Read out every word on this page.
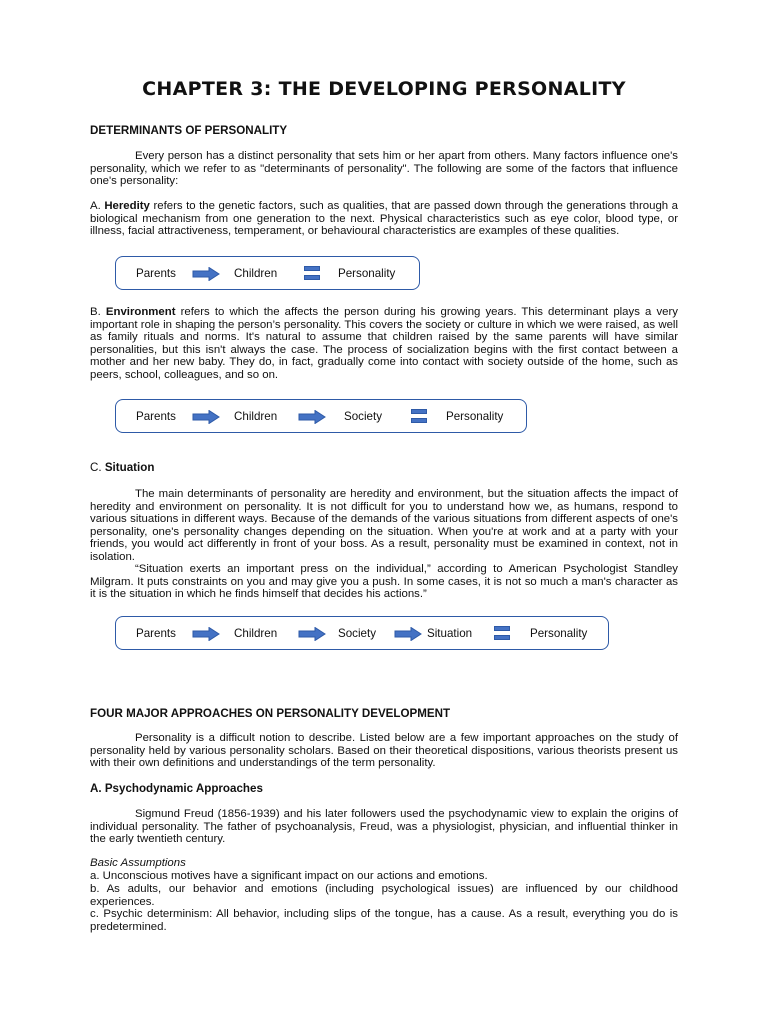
CHAPTER 3: THE DEVELOPING PERSONALITY
DETERMINANTS OF PERSONALITY

Every person has a distinct personality that sets him or her apart from others. Many factors influence one's personality, which we refer to as "determinants of personality". The following are some of the factors that influence one's personality:

A. Heredity refers to the genetic factors, such as qualities, that are passed down through the generations through a biological mechanism from one generation to the next. Physical characteristics such as eye color, blood type, or illness, facial attractiveness, temperament, or behavioural characteristics are examples of these qualities.

Parents	Children	Personality

B. Environment refers to which the affects the person during his growing years. This determinant plays a very important role in shaping the person’s personality. This covers the society or culture in which we were raised, as well as family rituals and norms. It's natural to assume that children raised by the same parents will have similar personalities, but this isn't always the case. The process of socialization begins with the first contact between a mother and her new baby. They do, in fact, gradually come into contact with society outside of the home, such as peers, school, colleagues, and so on.

Parents	Children	Society	Personality
C. Situation

The main determinants of personality are heredity and environment, but the situation affects the impact of heredity and environment on personality. It is not difficult for you to understand how we, as humans, respond to various situations in different ways. Because of the demands of the various situations from different aspects of one's personality, one's personality changes depending on the situation. When you're at work and at a party with your friends, you would act differently in front of your boss. As a result, personality must be examined in context, not in isolation.

“Situation exerts an important press on the individual,” according to American Psychologist Standley Milgram. It puts constraints on you and may give you a push. In some cases, it is not so much a man's character as it is the situation in which he finds himself that decides his actions.”

Parents	Children	Society	Situation	Personality
FOUR MAJOR APPROACHES ON PERSONALITY DEVELOPMENT

Personality is a difficult notion to describe. Listed below are a few important approaches on the study of personality held by various personality scholars. Based on their theoretical dispositions, various theorists present us with their own definitions and understandings of the term personality.

A. Psychodynamic Approaches

Sigmund Freud (1856-1939) and his later followers used the psychodynamic view to explain the origins of individual personality. The father of psychoanalysis, Freud, was a physiologist, physician, and influential thinker in the early twentieth century.

Basic Assumptions

a. Unconscious motives have a significant impact on our actions and emotions.

b. As adults, our behavior and emotions (including psychological issues) are influenced by our childhood experiences.

c. Psychic determinism: All behavior, including slips of the tongue, has a cause. As a result, everything you do is predetermined.
